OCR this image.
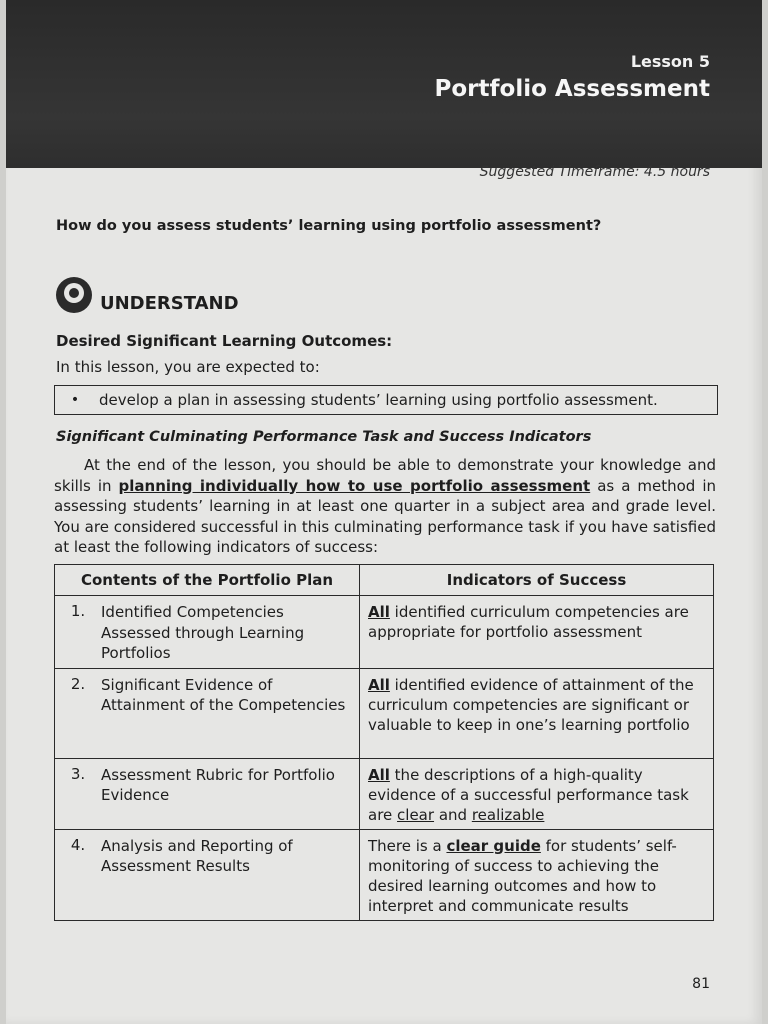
Lesson 5
Portfolio Assessment
Suggested Timeframe: 4.5 hours
How do you assess students’ learning using portfolio assessment?
UNDERSTAND
Desired Significant Learning Outcomes:
In this lesson, you are expected to:
•	develop a plan in assessing students’ learning using portfolio assessment.
Significant Culminating Performance Task and Success Indicators
  At the end of the lesson, you should be able to demonstrate your knowledge and skills in planning individually how to use portfolio assessment as a method in assessing students’ learning in at least one quarter in a subject area and grade level. You are considered successful in this culminating performance task if you have satisfied at least the following indicators of success:
Contents of the Portfolio Plan	Indicators of Success

1. Identified Competencies Assessed through Learning Portfolios	All identified curriculum competencies are appropriate for portfolio assessment

2. Significant Evidence of Attainment of the Competencies	All identified evidence of attainment of the curriculum competencies are significant or valuable to keep in one’s learning portfolio

3. Assessment Rubric for Portfolio Evidence	All the descriptions of a high-quality evidence of a successful performance task are clear and realizable

4. Analysis and Reporting of Assessment Results	There is a clear guide for students’ self-monitoring of success to achieving the desired learning outcomes and how to interpret and communicate results
81
